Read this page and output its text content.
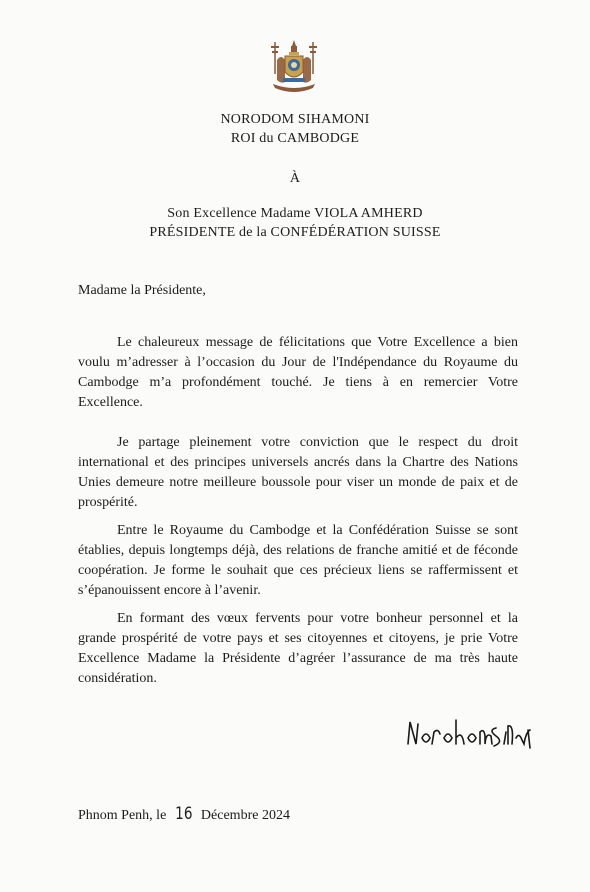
NORODOM SIHAMONI
ROI du CAMBODGE
À
Son Excellence Madame VIOLA AMHERD
PRÉSIDENTE de la CONFÉDÉRATION SUISSE
Madame la Présidente,
Le chaleureux message de félicitations que Votre Excellence a bien voulu m’adresser à l’occasion du Jour de l'Indépendance du Royaume du Cambodge m’a profondément touché. Je tiens à en remercier Votre Excellence.
Je partage pleinement votre conviction que le respect du droit international et des principes universels ancrés dans la Chartre des Nations Unies demeure notre meilleure boussole pour viser un monde de paix et de prospérité.
Entre le Royaume du Cambodge et la Confédération Suisse se sont établies, depuis longtemps déjà, des relations de franche amitié et de féconde coopération. Je forme le souhait que ces précieux liens se raffermissent et s’épanouissent encore à l’avenir.
En formant des vœux fervents pour votre bonheur personnel et la grande prospérité de votre pays et ses citoyennes et citoyens, je prie Votre Excellence Madame la Présidente d’agréer l’assurance de ma très haute considération.
Phnom Penh, le 16 Décembre 2024
